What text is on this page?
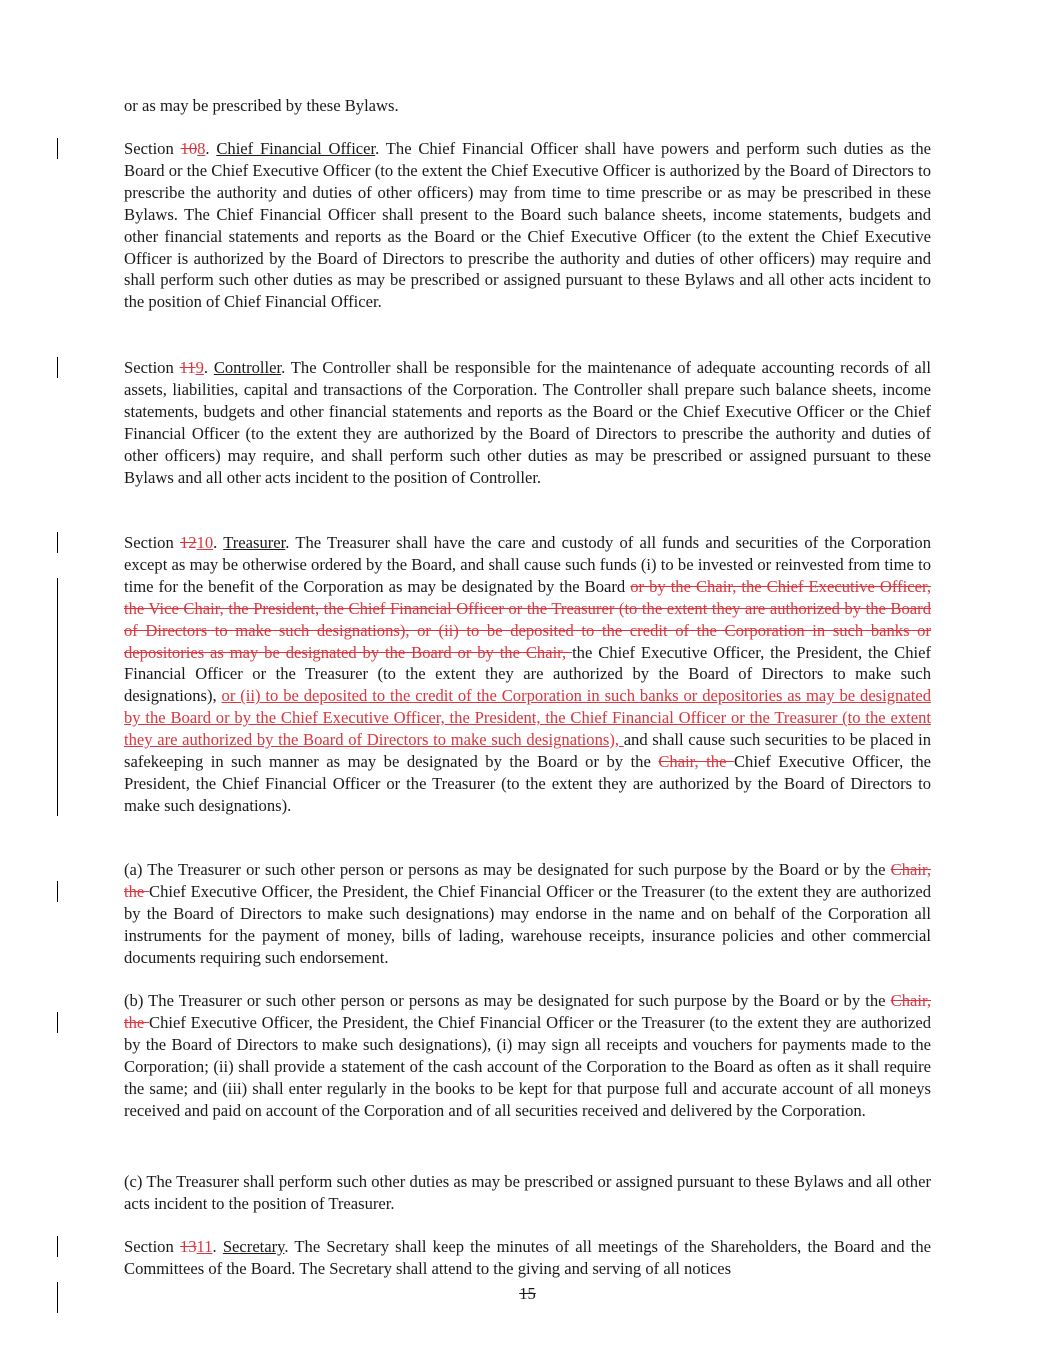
or as may be prescribed by these Bylaws.

Section 108. Chief Financial Officer. The Chief Financial Officer shall have powers and perform such duties as the Board or the Chief Executive Officer (to the extent the Chief Executive Officer is authorized by the Board of Directors to prescribe the authority and duties of other officers) may from time to time prescribe or as may be prescribed in these Bylaws. The Chief Financial Officer shall present to the Board such balance sheets, income statements, budgets and other financial statements and reports as the Board or the Chief Executive Officer (to the extent the Chief Executive Officer is authorized by the Board of Directors to prescribe the authority and duties of other officers) may require and shall perform such other duties as may be prescribed or assigned pursuant to these Bylaws and all other acts incident to the position of Chief Financial Officer.

Section 119. Controller. The Controller shall be responsible for the maintenance of adequate accounting records of all assets, liabilities, capital and transactions of the Corporation. The Controller shall prepare such balance sheets, income statements, budgets and other financial statements and reports as the Board or the Chief Executive Officer or the Chief Financial Officer (to the extent they are authorized by the Board of Directors to prescribe the authority and duties of other officers) may require, and shall perform such other duties as may be prescribed or assigned pursuant to these Bylaws and all other acts incident to the position of Controller.

Section 1210. Treasurer. The Treasurer shall have the care and custody of all funds and securities of the Corporation except as may be otherwise ordered by the Board, and shall cause such funds (i) to be invested or reinvested from time to time for the benefit of the Corporation as may be designated by the Board or by the Chair, the Chief Executive Officer, the Vice Chair, the President, the Chief Financial Officer or the Treasurer (to the extent they are authorized by the Board of Directors to make such designations), or (ii) to be deposited to the credit of the Corporation in such banks or depositories as may be designated by the Board or by the Chair, the Chief Executive Officer, the President, the Chief Financial Officer or the Treasurer (to the extent they are authorized by the Board of Directors to make such designations), or (ii) to be deposited to the credit of the Corporation in such banks or depositories as may be designated by the Board or by the Chief Executive Officer, the President, the Chief Financial Officer or the Treasurer (to the extent they are authorized by the Board of Directors to make such designations), and shall cause such securities to be placed in safekeeping in such manner as may be designated by the Board or by the Chair, the Chief Executive Officer, the President, the Chief Financial Officer or the Treasurer (to the extent they are authorized by the Board of Directors to make such designations).

(a) The Treasurer or such other person or persons as may be designated for such purpose by the Board or by the Chair, the Chief Executive Officer, the President, the Chief Financial Officer or the Treasurer (to the extent they are authorized by the Board of Directors to make such designations) may endorse in the name and on behalf of the Corporation all instruments for the payment of money, bills of lading, warehouse receipts, insurance policies and other commercial documents requiring such endorsement.

(b) The Treasurer or such other person or persons as may be designated for such purpose by the Board or by the Chair, the Chief Executive Officer, the President, the Chief Financial Officer or the Treasurer (to the extent they are authorized by the Board of Directors to make such designations), (i) may sign all receipts and vouchers for payments made to the Corporation; (ii) shall provide a statement of the cash account of the Corporation to the Board as often as it shall require the same; and (iii) shall enter regularly in the books to be kept for that purpose full and accurate account of all moneys received and paid on account of the Corporation and of all securities received and delivered by the Corporation.

(c) The Treasurer shall perform such other duties as may be prescribed or assigned pursuant to these Bylaws and all other acts incident to the position of Treasurer.

Section 1311. Secretary. The Secretary shall keep the minutes of all meetings of the Shareholders, the Board and the Committees of the Board. The Secretary shall attend to the giving and serving of all notices

15
